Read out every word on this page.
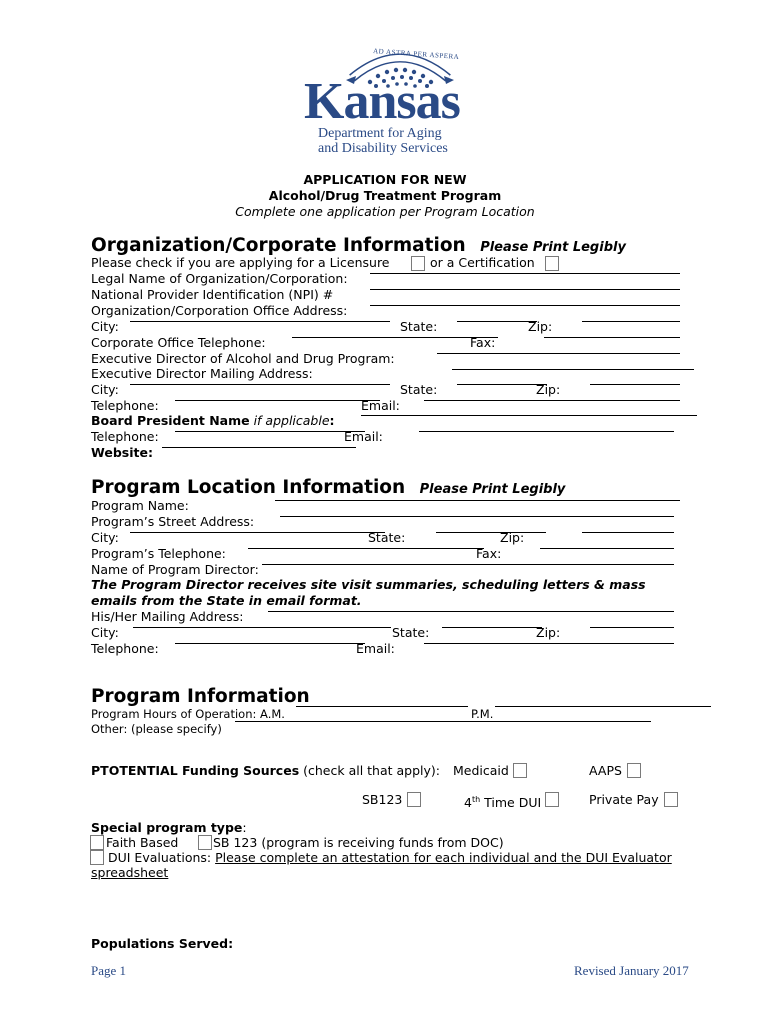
AD ASTRA PER ASPERA
Kansas
Department for Aging
and Disability Services
APPLICATION FOR NEW
Alcohol/Drug Treatment Program
Complete one application per Program Location
Organization/Corporate Information Please Print Legibly
Please check if you are applying for a Licensure	or a Certification
Legal Name of Organization/Corporation:
National Provider Identification (NPI) #
Organization/Corporation Office Address:
City:	State:	Zip:
Corporate Office Telephone:	Fax:
Executive Director of Alcohol and Drug Program:
Executive Director Mailing Address:
City:	State:	Zip:
Telephone:	Email:
Board President Name if applicable:
Telephone:	Email:
Website:
Program Location Information Please Print Legibly
Program Name:
Program’s Street Address:
City:	State:	Zip:
Program’s Telephone:	Fax:
Name of Program Director:
The Program Director receives site visit summaries, scheduling letters & mass
emails from the State in email format.
His/Her Mailing Address:
City:	State:	Zip:
Telephone:	Email:
Program Information
Program Hours of Operation: A.M.	P.M.
Other: (please specify)
PTOTENTIAL Funding Sources (check all that apply): Medicaid	AAPS
SB123	4th Time DUI	Private Pay
Special program type:
Faith Based	SB 123 (program is receiving funds from DOC)
DUI Evaluations: Please complete an attestation for each individual and the DUI Evaluator
spreadsheet
Populations Served:
Page 1	Revised January 2017
